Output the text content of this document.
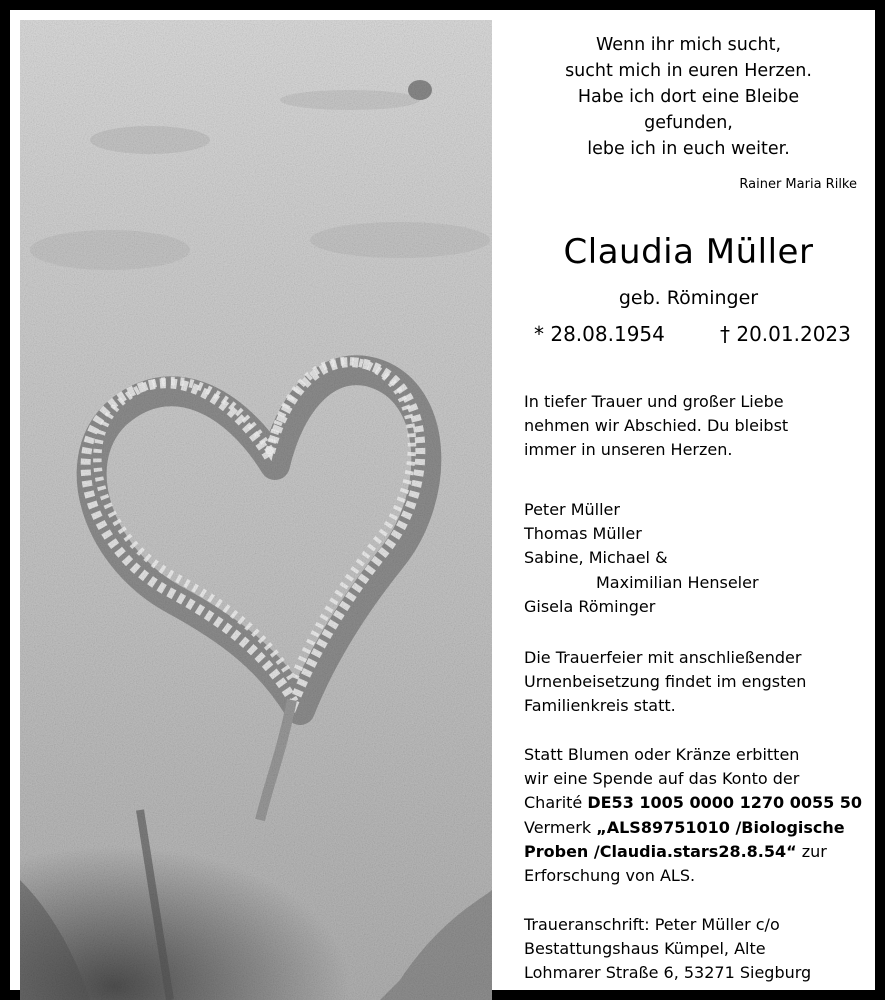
Wenn ihr mich sucht,
sucht mich in euren Herzen.
Habe ich dort eine Bleibe
gefunden,
lebe ich in euch weiter.
Rainer Maria Rilke
Claudia Müller
geb. Röminger
* 28.08.1954	† 20.01.2023
In tiefer Trauer und großer Liebe
nehmen wir Abschied. Du bleibst
immer in unseren Herzen.
Peter Müller
Thomas Müller
Sabine, Michael &
Maximilian Henseler
Gisela Röminger
Die Trauerfeier mit anschließender
Urnenbeisetzung findet im engsten
Familienkreis statt.
Statt Blumen oder Kränze erbitten
wir eine Spende auf das Konto der
Charité DE53 1005 0000 1270 0055 50
Vermerk „ALS89751010 /Biologische
Proben /Claudia.stars28.8.54“ zur
Erforschung von ALS.
Traueranschrift: Peter Müller c/o
Bestattungshaus Kümpel, Alte
Lohmarer Straße 6, 53271 Siegburg
